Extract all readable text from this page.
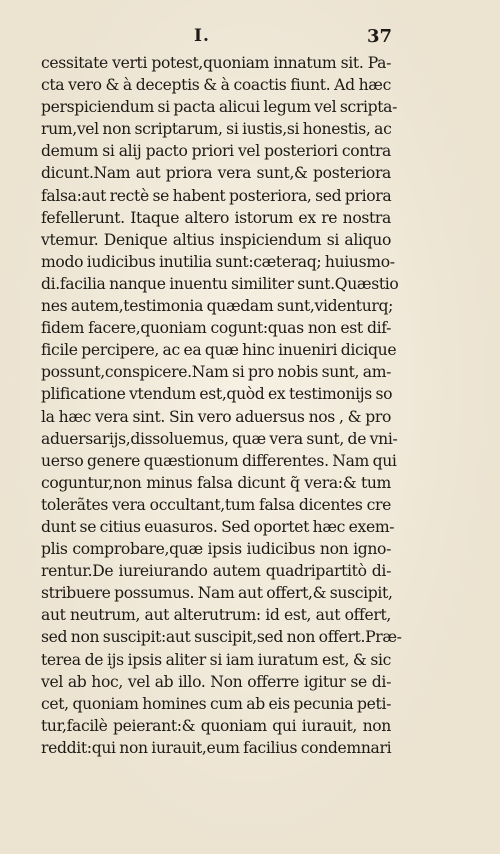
I.	37
cessitate verti potest,quoniam innatum sit. Pa-
cta vero & à deceptis & à coactis fiunt. Ad hæc
perspiciendum si pacta alicui legum vel scripta-
rum,vel non scriptarum, si iustis,si honestis, ac
demum si alij pacto priori vel posteriori contra
dicunt.Nam aut priora vera sunt,& posteriora
falsa:aut rectè se habent posteriora, sed priora
fefellerunt. Itaque altero istorum ex re nostra
vtemur. Denique altius inspiciendum si aliquo
modo iudicibus inutilia sunt:cæteraq; huiusmo-
di.facilia nanque inuentu similiter sunt.Quæstio
nes autem,testimonia quædam sunt,videnturq;
fidem facere,quoniam cogunt:quas non est dif-
ficile percipere, ac ea quæ hinc inueniri dicique
possunt,conspicere.Nam si pro nobis sunt, am-
plificatione vtendum est,quòd ex testimonijs so
la hæc vera sint. Sin vero aduersus nos , & pro
aduersarijs,dissoluemus, quæ vera sunt, de vni-
uerso genere quæstionum differentes. Nam qui
coguntur,non minus falsa dicunt q̃ vera:& tum
tolerãtes vera occultant,tum falsa dicentes cre
dunt se citius euasuros. Sed oportet hæc exem-
plis comprobare,quæ ipsis iudicibus non igno-
rentur.De iureiurando autem quadripartitò di-
stribuere possumus. Nam aut offert,& suscipit,
aut neutrum, aut alterutrum: id est, aut offert,
sed non suscipit:aut suscipit,sed non offert.Præ-
terea de ijs ipsis aliter si iam iuratum est, & sic
vel ab hoc, vel ab illo. Non offerre igitur se di-
cet, quoniam homines cum ab eis pecunia peti-
tur,facilè peierant:& quoniam qui iurauit, non
reddit:qui non iurauit,eum facilius condemnari
